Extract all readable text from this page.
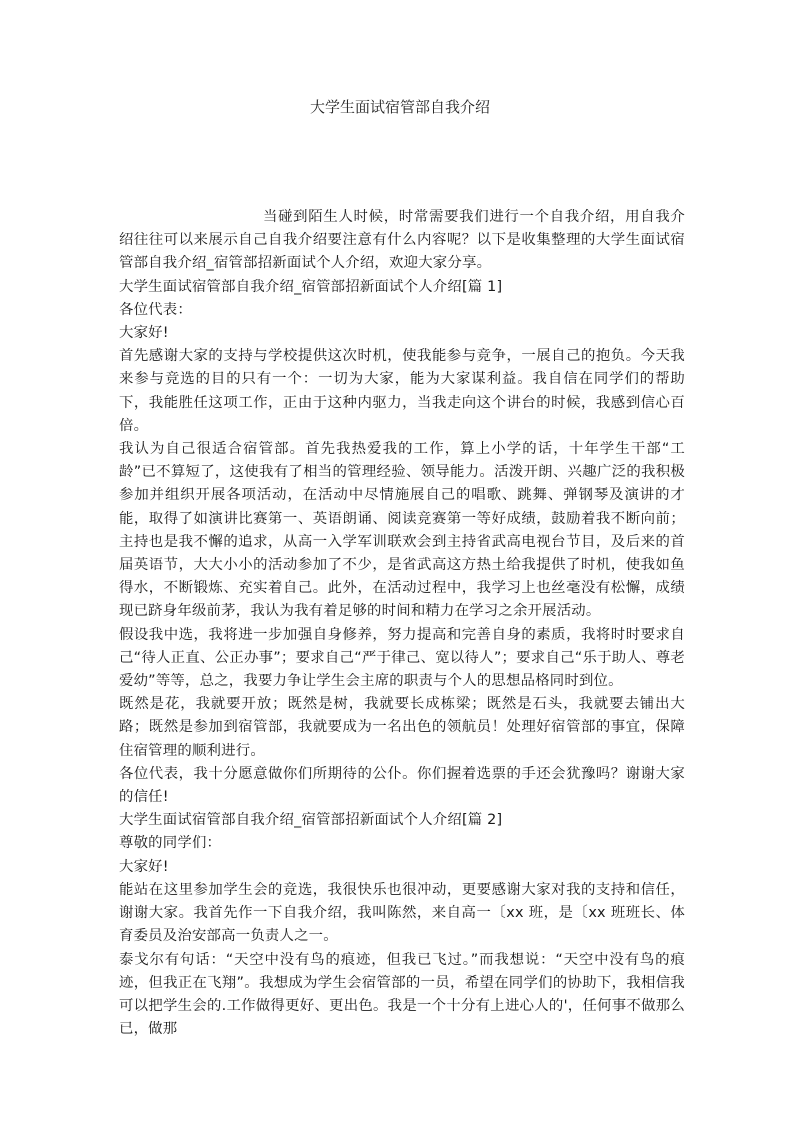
大学生面试宿管部自我介绍

当碰到陌生人时候，时常需要我们进行一个自我介绍，用自我介绍往往可以来展示自己自我介绍要注意有什么内容呢？以下是收集整理的大学生面试宿管部自我介绍_宿管部招新面试个人介绍，欢迎大家分享。

大学生面试宿管部自我介绍_宿管部招新面试个人介绍[篇 1]

各位代表：

大家好!

首先感谢大家的支持与学校提供这次时机，使我能参与竞争，一展自己的抱负。今天我来参与竞选的目的只有一个：一切为大家，能为大家谋利益。我自信在同学们的帮助下，我能胜任这项工作，正由于这种内驱力，当我走向这个讲台的时候，我感到信心百倍。

我认为自己很适合宿管部。首先我热爱我的工作，算上小学的话，十年学生干部“工龄”已不算短了，这使我有了相当的管理经验、领导能力。活泼开朗、兴趣广泛的我积极参加并组织开展各项活动，在活动中尽情施展自己的唱歌、跳舞、弹钢琴及演讲的才能，取得了如演讲比赛第一、英语朗诵、阅读竞赛第一等好成绩，鼓励着我不断向前；主持也是我不懈的追求，从高一入学军训联欢会到主持省武高电视台节目，及后来的首届英语节，大大小小的活动参加了不少，是省武高这方热土给我提供了时机，使我如鱼得水，不断锻炼、充实着自己。此外，在活动过程中，我学习上也丝毫没有松懈，成绩现已跻身年级前茅，我认为我有着足够的时间和精力在学习之余开展活动。

假设我中选，我将进一步加强自身修养，努力提高和完善自身的素质，我将时时要求自己“待人正直、公正办事”；要求自己“严于律己、宽以待人”；要求自己“乐于助人、尊老爱幼”等等，总之，我要力争让学生会主席的职责与个人的思想品格同时到位。

既然是花，我就要开放；既然是树，我就要长成栋梁；既然是石头，我就要去铺出大路；既然是参加到宿管部，我就要成为一名出色的领航员！处理好宿管部的事宜，保障住宿管理的顺利进行。

各位代表，我十分愿意做你们所期待的公仆。你们握着选票的手还会犹豫吗？谢谢大家的信任!

大学生面试宿管部自我介绍_宿管部招新面试个人介绍[篇 2]

尊敬的同学们：

大家好!

能站在这里参加学生会的竞选，我很快乐也很冲动，更要感谢大家对我的支持和信任，谢谢大家。我首先作一下自我介绍，我叫陈然，来自高一〔xx 班，是〔xx 班班长、体育委员及治安部高一负责人之一。

泰戈尔有句话：“天空中没有鸟的痕迹，但我已飞过。”而我想说：“天空中没有鸟的痕迹，但我正在飞翔”。我想成为学生会宿管部的一员，希望在同学们的协助下，我相信我可以把学生会的.工作做得更好、更出色。我是一个十分有上进心人的'，任何事不做那么已，做那
